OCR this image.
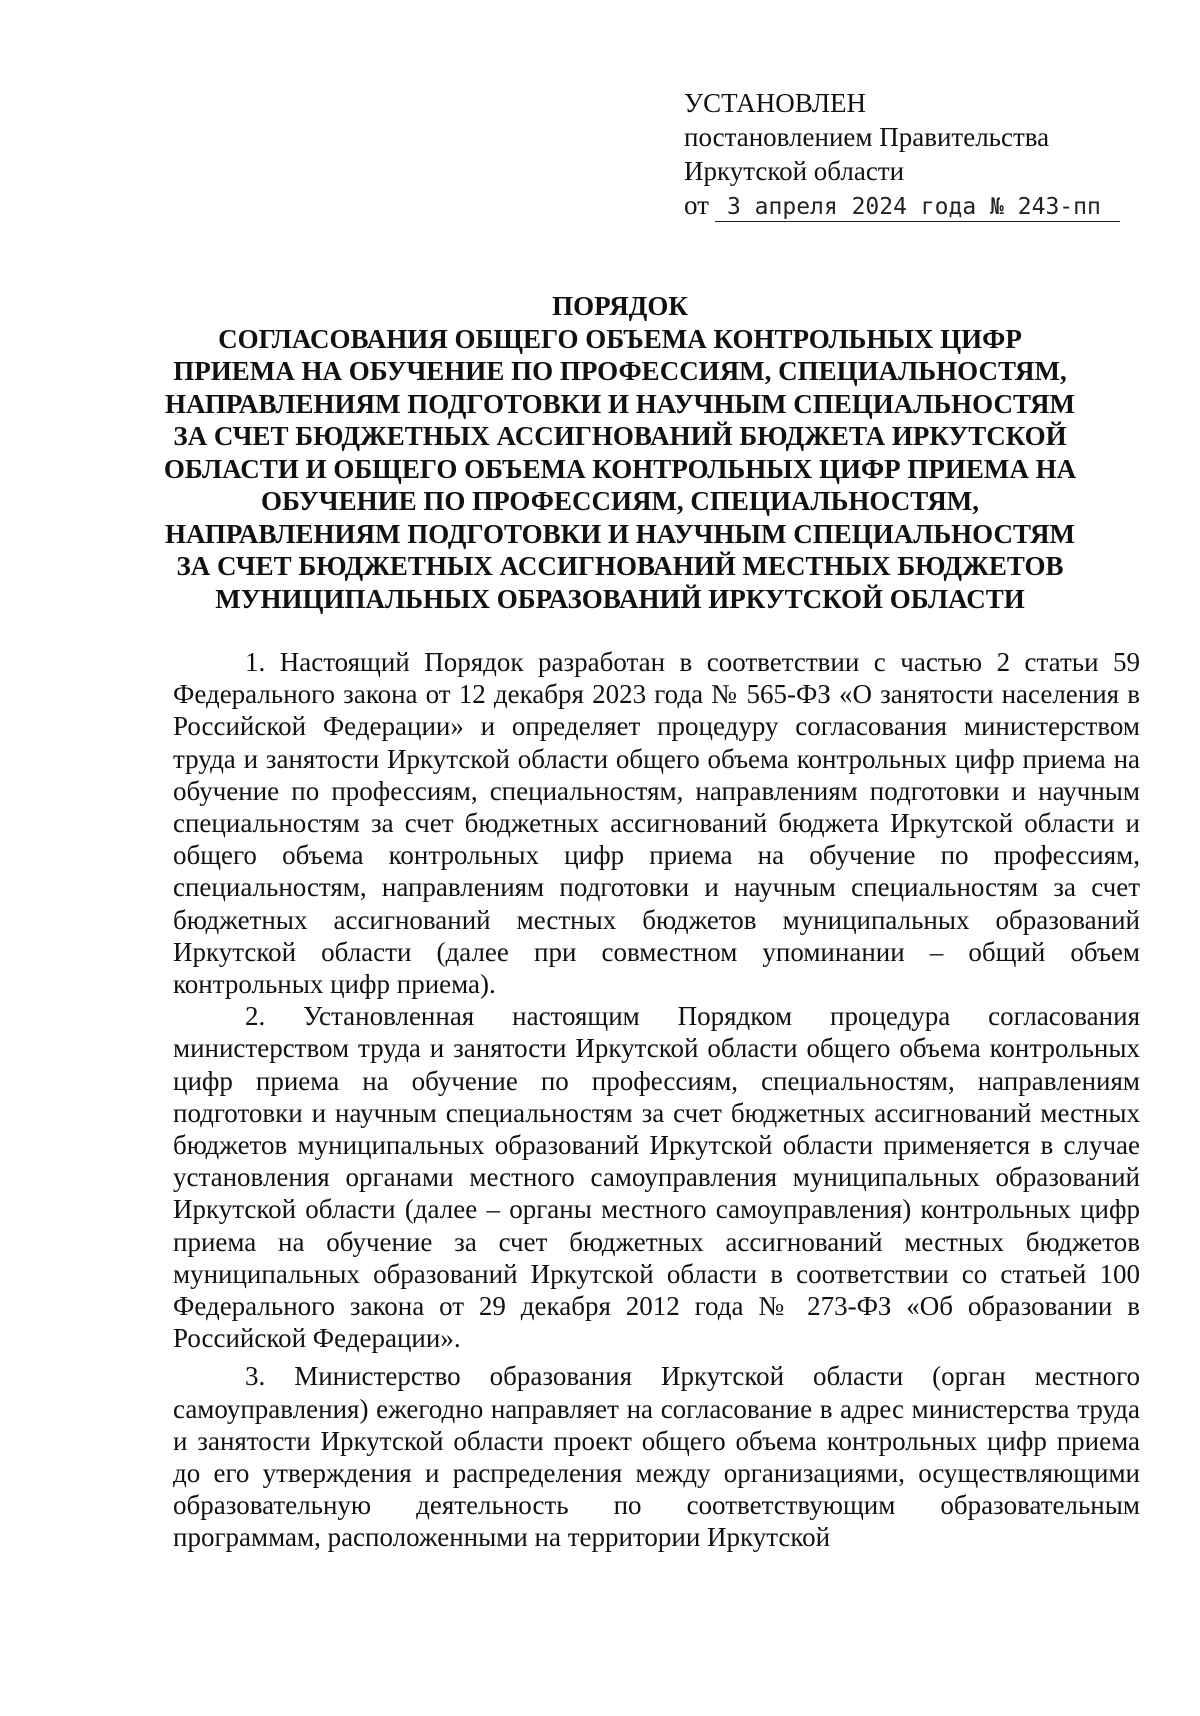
УСТАНОВЛЕН
постановлением Правительства
Иркутской области
от 3 апреля 2024 года № 243-пп
ПОРЯДОК
СОГЛАСОВАНИЯ ОБЩЕГО ОБЪЕМА КОНТРОЛЬНЫХ ЦИФР ПРИЕМА НА ОБУЧЕНИЕ ПО ПРОФЕССИЯМ, СПЕЦИАЛЬНОСТЯМ, НАПРАВЛЕНИЯМ ПОДГОТОВКИ И НАУЧНЫМ СПЕЦИАЛЬНОСТЯМ ЗА СЧЕТ БЮДЖЕТНЫХ АССИГНОВАНИЙ БЮДЖЕТА ИРКУТСКОЙ ОБЛАСТИ И ОБЩЕГО ОБЪЕМА КОНТРОЛЬНЫХ ЦИФР ПРИЕМА НА ОБУЧЕНИЕ ПО ПРОФЕССИЯМ, СПЕЦИАЛЬНОСТЯМ, НАПРАВЛЕНИЯМ ПОДГОТОВКИ И НАУЧНЫМ СПЕЦИАЛЬНОСТЯМ ЗА СЧЕТ БЮДЖЕТНЫХ АССИГНОВАНИЙ МЕСТНЫХ БЮДЖЕТОВ МУНИЦИПАЛЬНЫХ ОБРАЗОВАНИЙ ИРКУТСКОЙ ОБЛАСТИ

1. Настоящий Порядок разработан в соответствии с частью 2 статьи 59 Федерального закона от 12 декабря 2023 года № 565-ФЗ «О занятости населения в Российской Федерации» и определяет процедуру согласования министерством труда и занятости Иркутской области общего объема контрольных цифр приема на обучение по профессиям, специальностям, направлениям подготовки и научным специальностям за счет бюджетных ассигнований бюджета Иркутской области и общего объема контрольных цифр приема на обучение по профессиям, специальностям, направлениям подготовки и научным специальностям за счет бюджетных ассигнований местных бюджетов муниципальных образований Иркутской области (далее при совместном упоминании – общий объем контрольных цифр приема).

2. Установленная настоящим Порядком процедура согласования министерством труда и занятости Иркутской области общего объема контрольных цифр приема на обучение по профессиям, специальностям, направлениям подготовки и научным специальностям за счет бюджетных ассигнований местных бюджетов муниципальных образований Иркутской области применяется в случае установления органами местного самоуправления муниципальных образований Иркутской области (далее – органы местного самоуправления) контрольных цифр приема на обучение за счет бюджетных ассигнований местных бюджетов муниципальных образований Иркутской области в соответствии со статьей 100 Федерального закона от 29 декабря 2012 года № 273-ФЗ «Об образовании в Российской Федерации».

3. Министерство образования Иркутской области (орган местного самоуправления) ежегодно направляет на согласование в адрес министерства труда и занятости Иркутской области проект общего объема контрольных цифр приема до его утверждения и распределения между организациями, осуществляющими образовательную деятельность по соответствующим образовательным программам, расположенными на территории Иркутской
